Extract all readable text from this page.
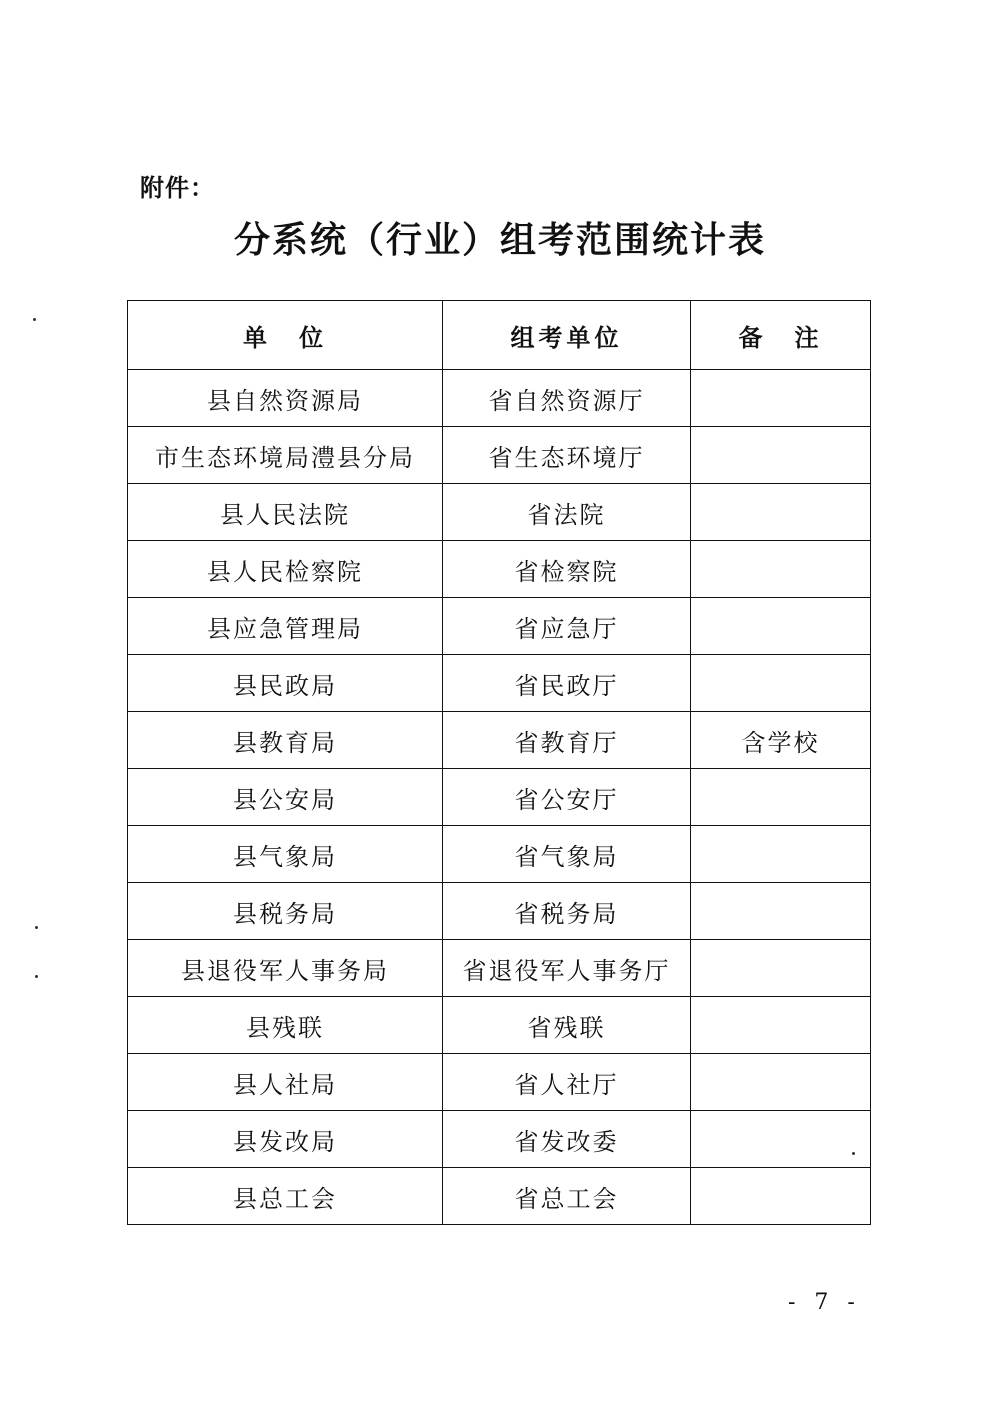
附件：
分系统（行业）组考范围统计表
单　位	组考单位	备　注
县自然资源局	省自然资源厅	
市生态环境局澧县分局	省生态环境厅	
县人民法院	省法院	
县人民检察院	省检察院	
县应急管理局	省应急厅	
县民政局	省民政厅	
县教育局	省教育厅	含学校
县公安局	省公安厅	
县气象局	省气象局	
县税务局	省税务局	
县退役军人事务局	省退役军人事务厅	
县残联	省残联	
县人社局	省人社厅	
县发改局	省发改委	
县总工会	省总工会	
- 7 -
